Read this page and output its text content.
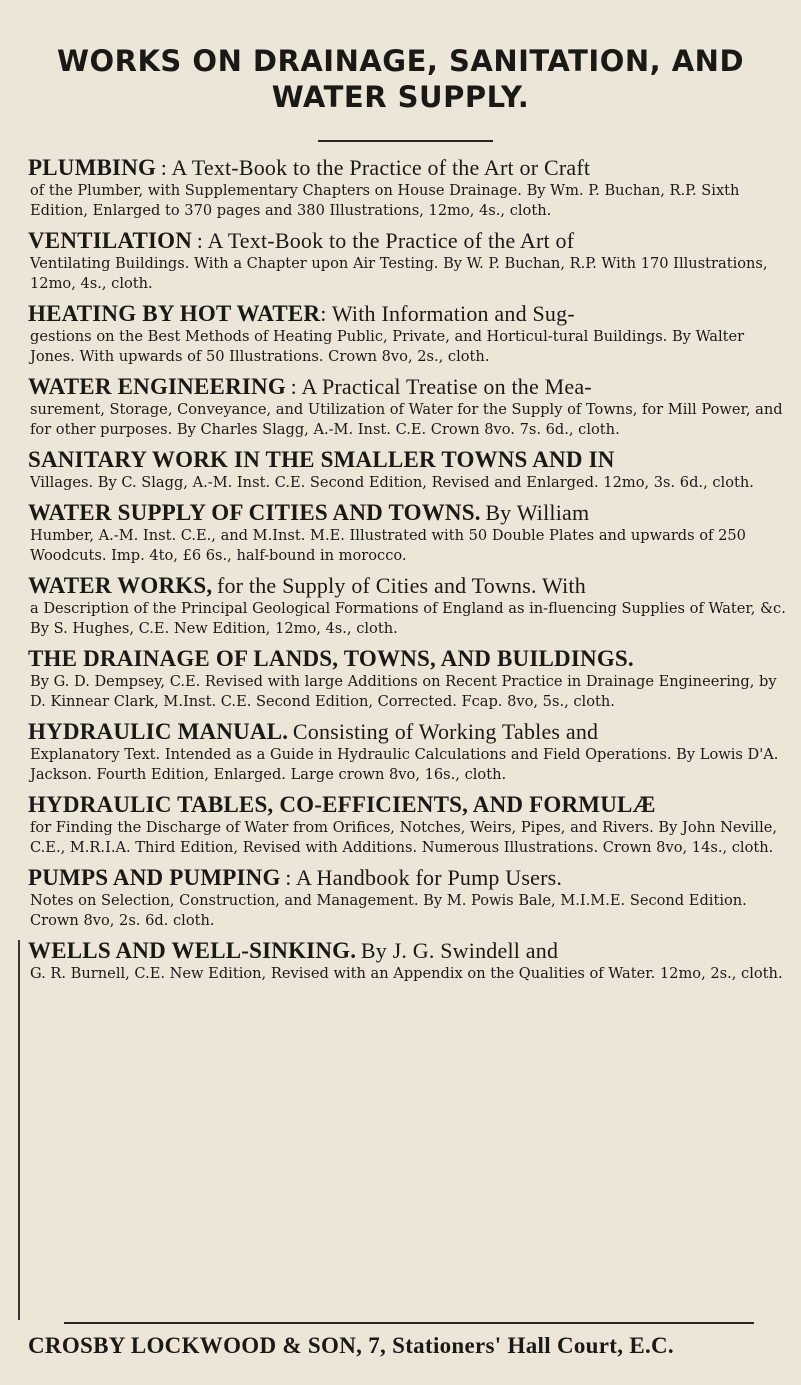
WORKS ON DRAINAGE, SANITATION, AND
WATER SUPPLY.
PLUMBING : A Text-Book to the Practice of the Art or Craft
of the Plumber, with Supplementary Chapters on House Drainage. By Wm. P. Buchan, R.P. Sixth Edition, Enlarged to 370 pages and 380 Illustrations, 12mo, 4s., cloth.
VENTILATION : A Text-Book to the Practice of the Art of
Ventilating Buildings. With a Chapter upon Air Testing. By W. P. Buchan, R.P. With 170 Illustrations, 12mo, 4s., cloth.
HEATING BY HOT WATER: With Information and Sug-
gestions on the Best Methods of Heating Public, Private, and Horticul-tural Buildings. By Walter Jones. With upwards of 50 Illustrations. Crown 8vo, 2s., cloth.
WATER ENGINEERING : A Practical Treatise on the Mea-
surement, Storage, Conveyance, and Utilization of Water for the Supply of Towns, for Mill Power, and for other purposes. By Charles Slagg, A.-M. Inst. C.E. Crown 8vo. 7s. 6d., cloth.
SANITARY WORK IN THE SMALLER TOWNS AND IN
Villages. By C. Slagg, A.-M. Inst. C.E. Second Edition, Revised and Enlarged. 12mo, 3s. 6d., cloth.
WATER SUPPLY OF CITIES AND TOWNS. By William
Humber, A.-M. Inst. C.E., and M.Inst. M.E. Illustrated with 50 Double Plates and upwards of 250 Woodcuts. Imp. 4to, £6 6s., half-bound in morocco.
WATER WORKS, for the Supply of Cities and Towns. With
a Description of the Principal Geological Formations of England as in-fluencing Supplies of Water, &c. By S. Hughes, C.E. New Edition, 12mo, 4s., cloth.
THE DRAINAGE OF LANDS, TOWNS, AND BUILDINGS.
By G. D. Dempsey, C.E. Revised with large Additions on Recent Practice in Drainage Engineering, by D. Kinnear Clark, M.Inst. C.E. Second Edition, Corrected. Fcap. 8vo, 5s., cloth.
HYDRAULIC MANUAL. Consisting of Working Tables and
Explanatory Text. Intended as a Guide in Hydraulic Calculations and Field Operations. By Lowis D'A. Jackson. Fourth Edition, Enlarged. Large crown 8vo, 16s., cloth.
HYDRAULIC TABLES, CO-EFFICIENTS, AND FORMULÆ
for Finding the Discharge of Water from Orifices, Notches, Weirs, Pipes, and Rivers. By John Neville, C.E., M.R.I.A. Third Edition, Revised with Additions. Numerous Illustrations. Crown 8vo, 14s., cloth.
PUMPS AND PUMPING : A Handbook for Pump Users.
Notes on Selection, Construction, and Management. By M. Powis Bale, M.I.M.E. Second Edition. Crown 8vo, 2s. 6d. cloth.
WELLS AND WELL-SINKING. By J. G. Swindell and
G. R. Burnell, C.E. New Edition, Revised with an Appendix on the Qualities of Water. 12mo, 2s., cloth.
CROSBY LOCKWOOD & SON, 7, Stationers' Hall Court, E.C.
